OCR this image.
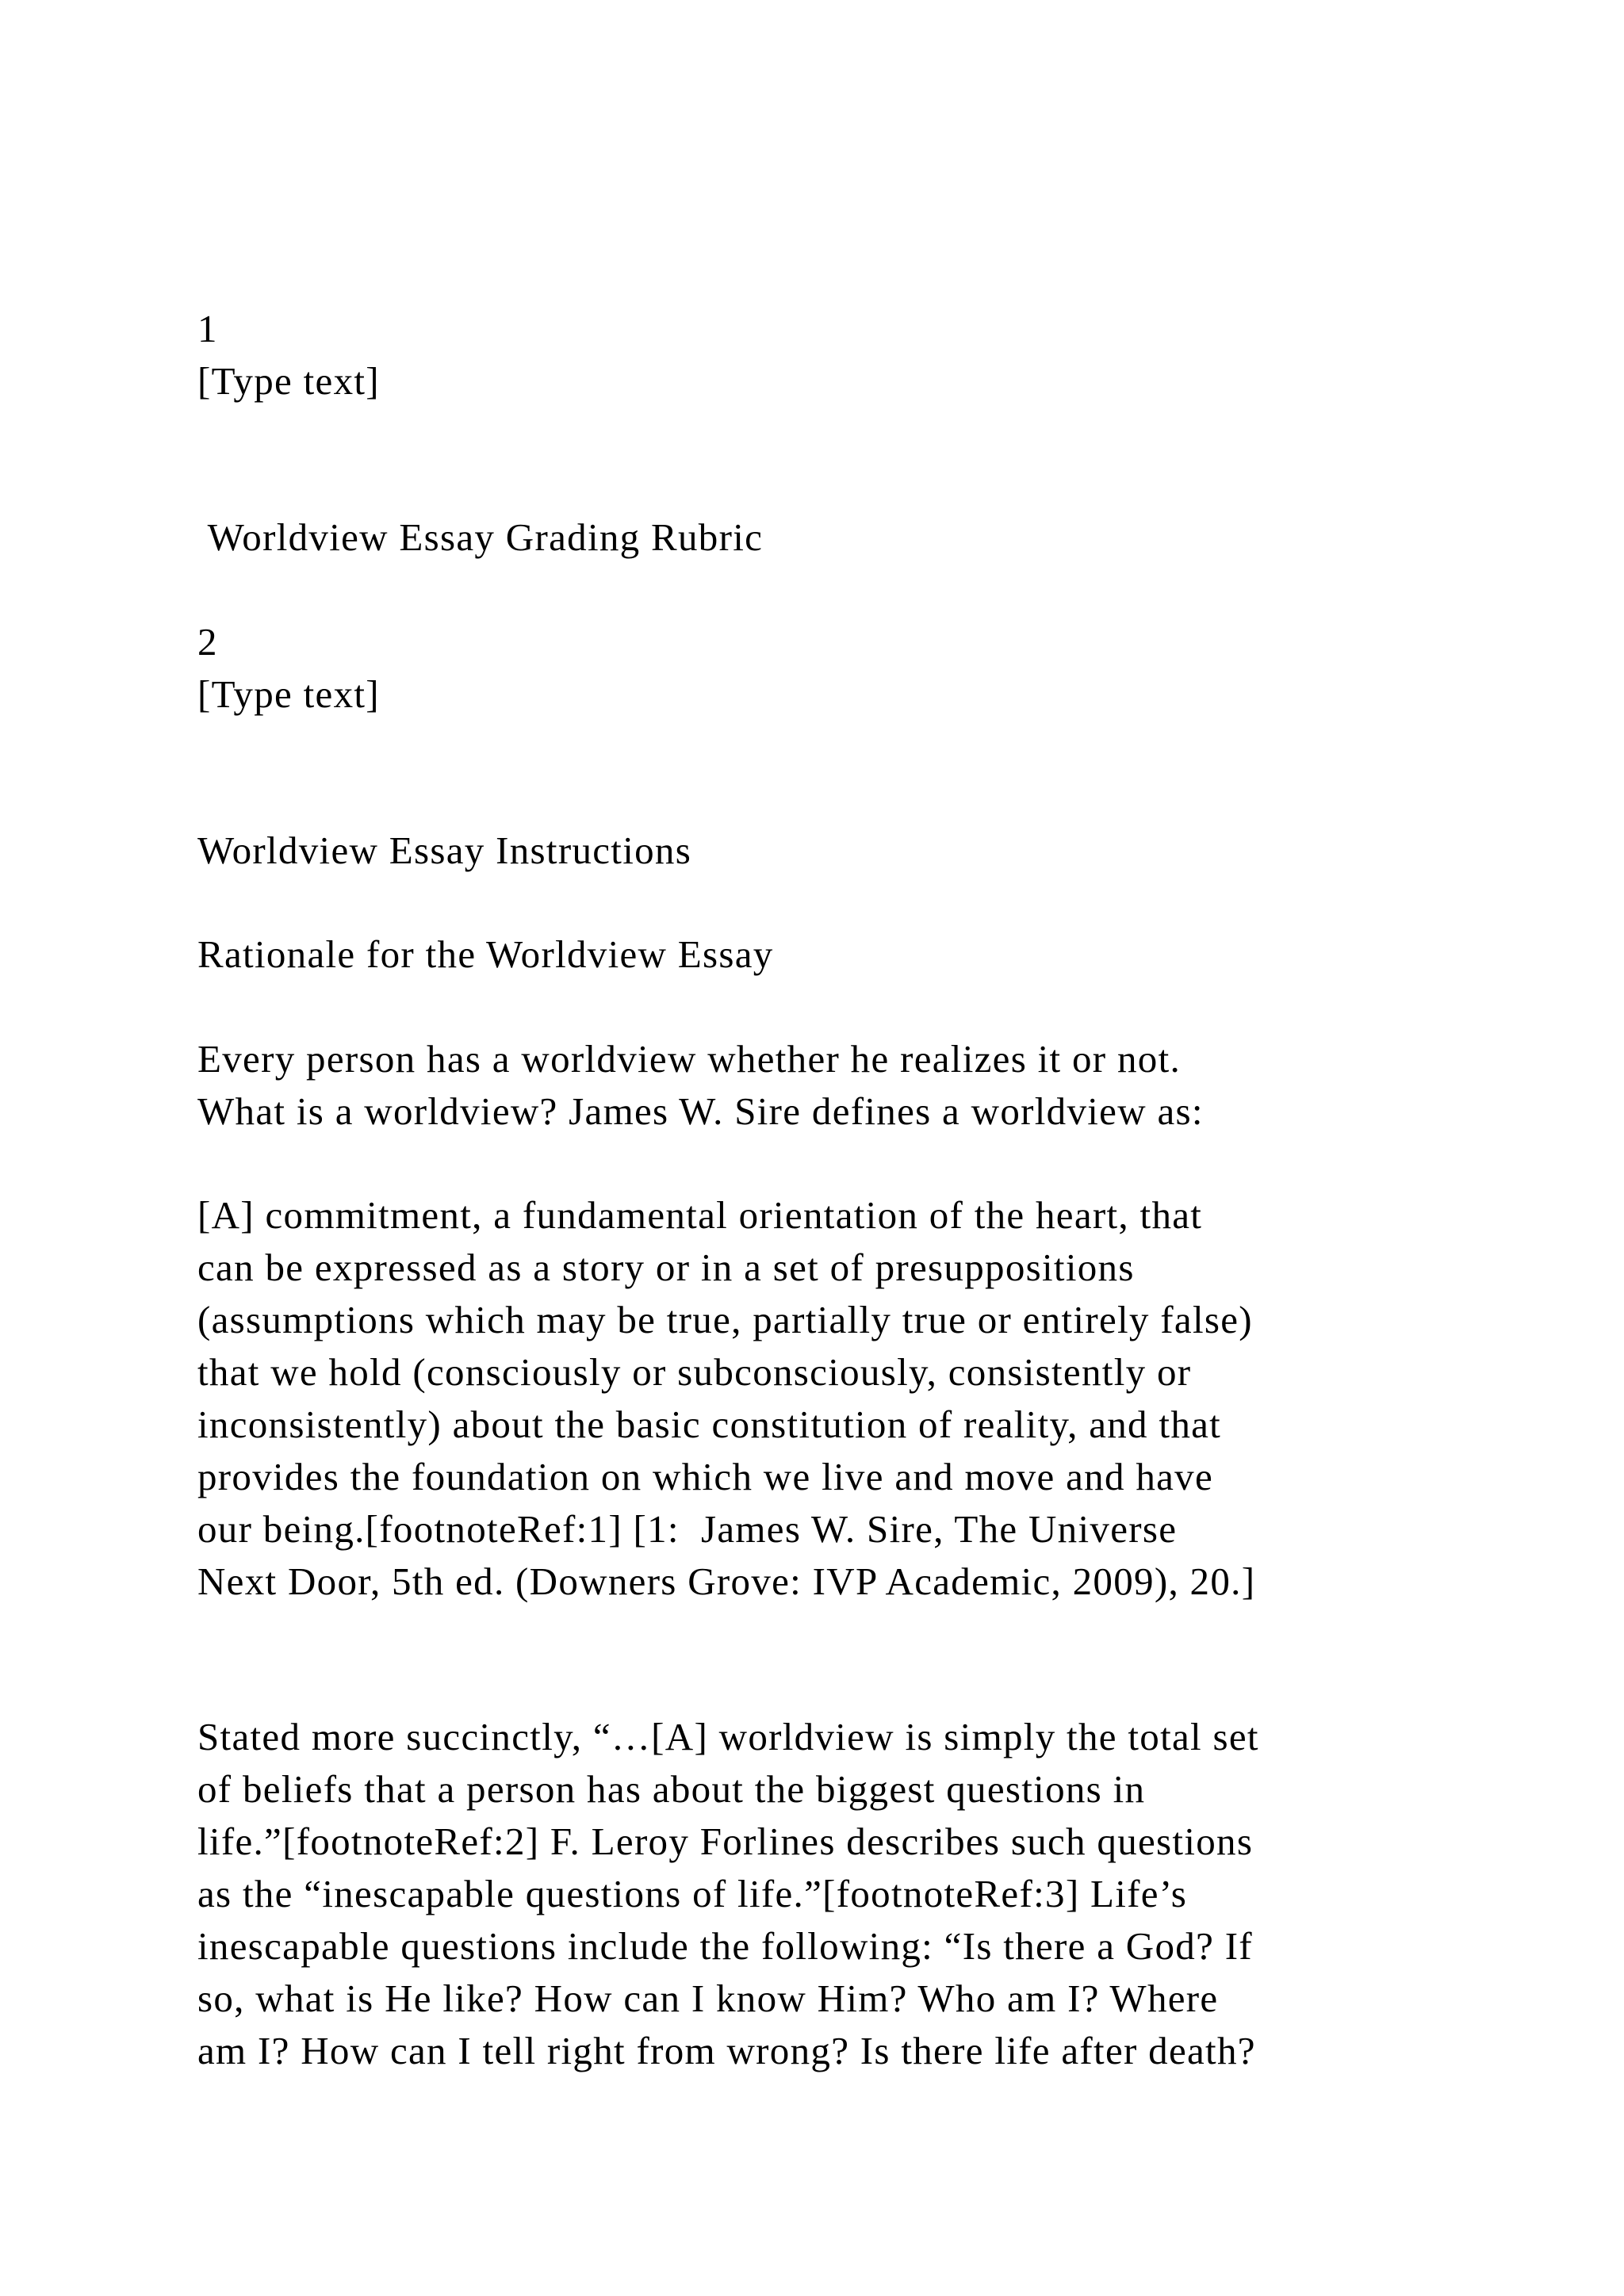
1
[Type text]
Worldview Essay Grading Rubric
2
[Type text]
Worldview Essay Instructions
Rationale for the Worldview Essay
Every person has a worldview whether he realizes it or not.
What is a worldview? James W. Sire defines a worldview as:
[A] commitment, a fundamental orientation of the heart, that
can be expressed as a story or in a set of presuppositions
(assumptions which may be true, partially true or entirely false)
that we hold (consciously or subconsciously, consistently or
inconsistently) about the basic constitution of reality, and that
provides the foundation on which we live and move and have
our being.[footnoteRef:1] [1:  James W. Sire, The Universe
Next Door, 5th ed. (Downers Grove: IVP Academic, 2009), 20.]
Stated more succinctly, “…[A] worldview is simply the total set
of beliefs that a person has about the biggest questions in
life.”[footnoteRef:2] F. Leroy Forlines describes such questions
as the “inescapable questions of life.”[footnoteRef:3] Life’s
inescapable questions include the following: “Is there a God? If
so, what is He like? How can I know Him? Who am I? Where
am I? How can I tell right from wrong? Is there life after death?
